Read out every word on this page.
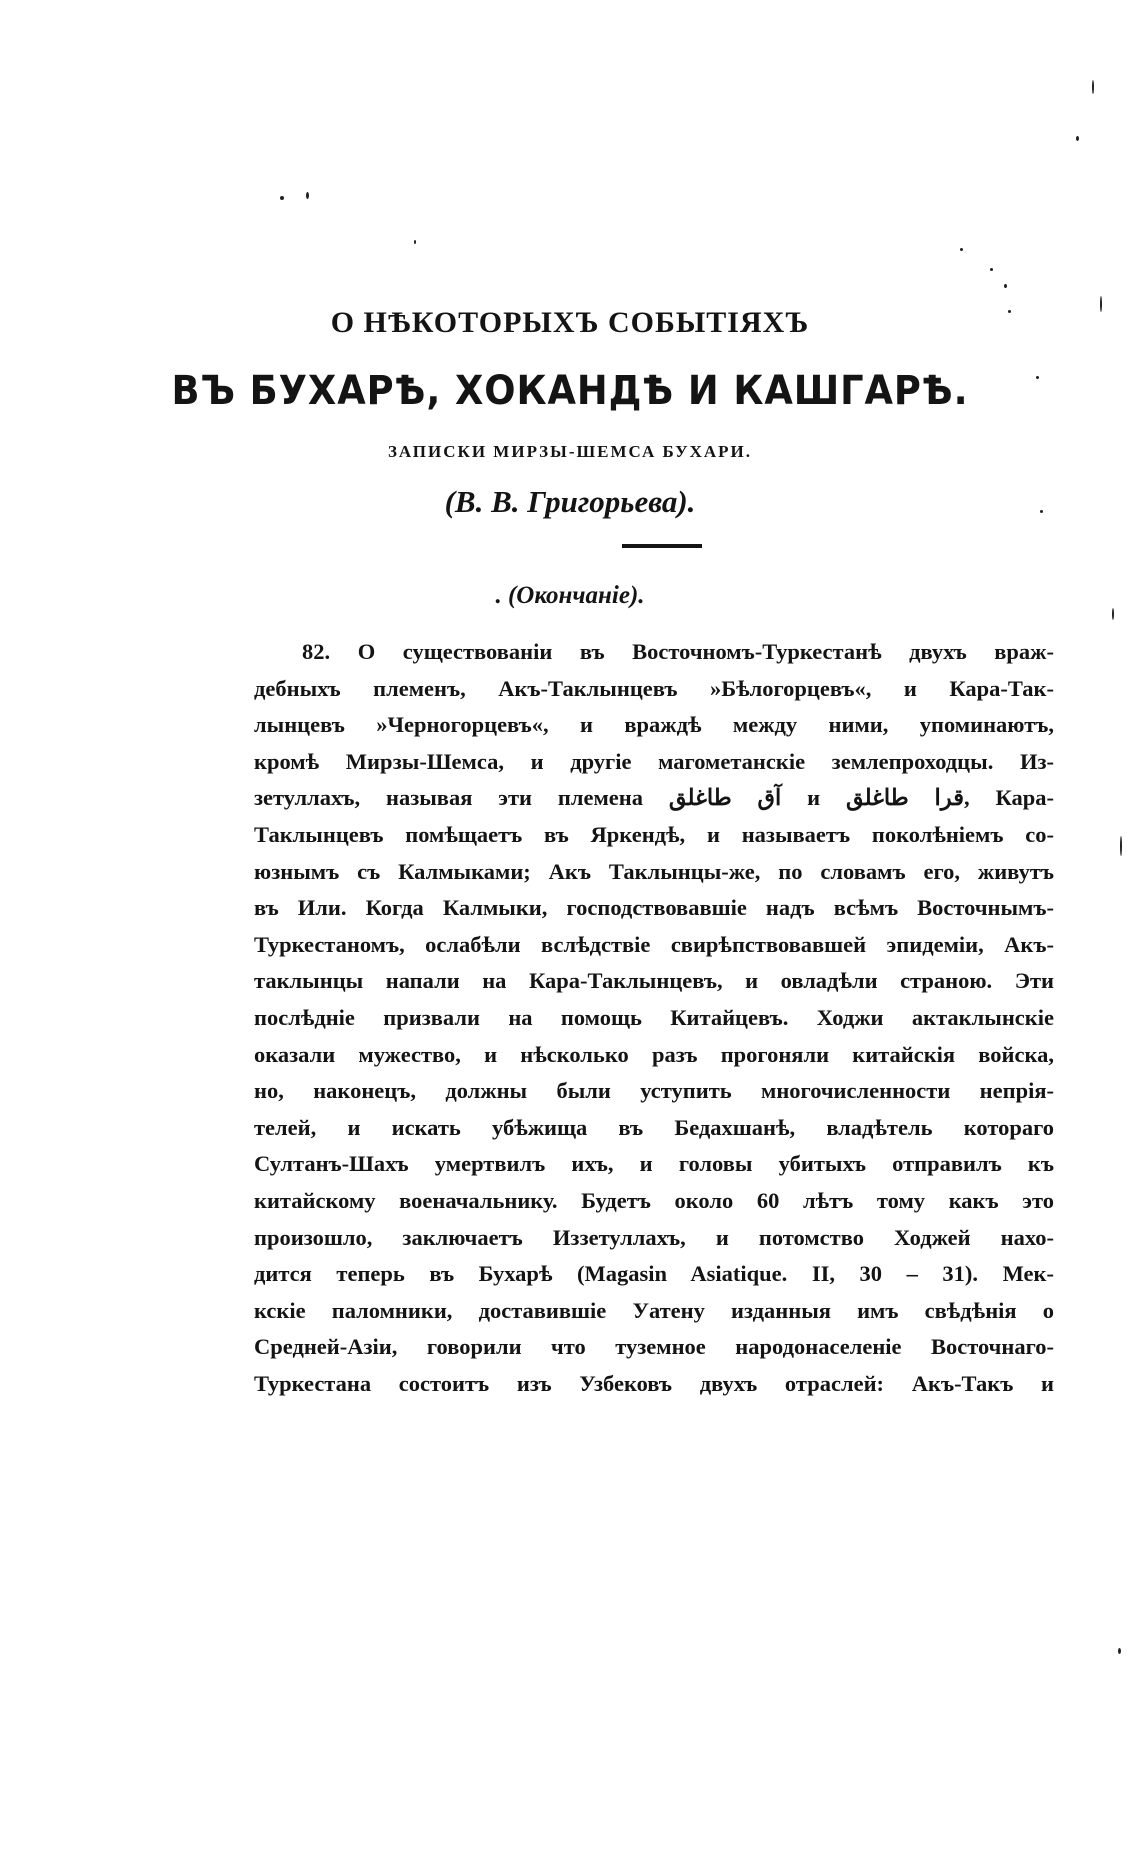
О НѢКОТОРЫХЪ СОБЫТІЯХЪ
ВЪ БУХАРѢ, ХОКАНДѢ И КАШГАРѢ.
ЗАПИСКИ МИРЗЫ-ШЕМСА БУХАРИ.
(В. В. Григорьева).
. (Окончаніе).
82. О существованіи въ Восточномъ-Туркестанѣ двухъ враж-
дебныхъ племенъ, Акъ-Таклынцевъ »Бѣлогорцевъ«, и Кара-Так-
лынцевъ »Черногорцевъ«, и враждѣ между ними, упоминаютъ,
кромѣ Мирзы-Шемса, и другіе магометанскіе землепроходцы. Из-
зетуллахъ, называя эти племена آق طاغلق и قرا طاغلق, Кара-
Таклынцевъ помѣщаетъ въ Яркендѣ, и называетъ поколѣніемъ со-
юзнымъ съ Калмыками; Акъ Таклынцы-же, по словамъ его, живутъ
въ Или. Когда Калмыки, господствовавшіе надъ всѣмъ Восточнымъ-
Туркестаномъ, ослабѣли вслѣдствіе свирѣпствовавшей эпидеміи, Акъ-
таклынцы напали на Кара-Таклынцевъ, и овладѣли страною. Эти
послѣдніе призвали на помощь Китайцевъ. Ходжи актаклынскіе
оказали мужество, и нѣсколько разъ прогоняли китайскія войска,
но, наконецъ, должны были уступить многочисленности непрія-
телей, и искать убѣжища въ Бедахшанѣ, владѣтель котораго
Султанъ-Шахъ умертвилъ ихъ, и головы убитыхъ отправилъ къ
китайскому военачальнику. Будетъ около 60 лѣтъ тому какъ это
произошло, заключаетъ Иззетуллахъ, и потомство Ходжей нахо-
дится теперь въ Бухарѣ (Magasin Asiatique. II, 30 – 31). Мек-
кскіе паломники, доставившіе Уатену изданныя имъ свѣдѣнія о
Средней-Азіи, говорили что туземное народонаселеніе Восточнаго-
Туркестана состоитъ изъ Узбековъ двухъ отраслей: Акъ-Такъ и
